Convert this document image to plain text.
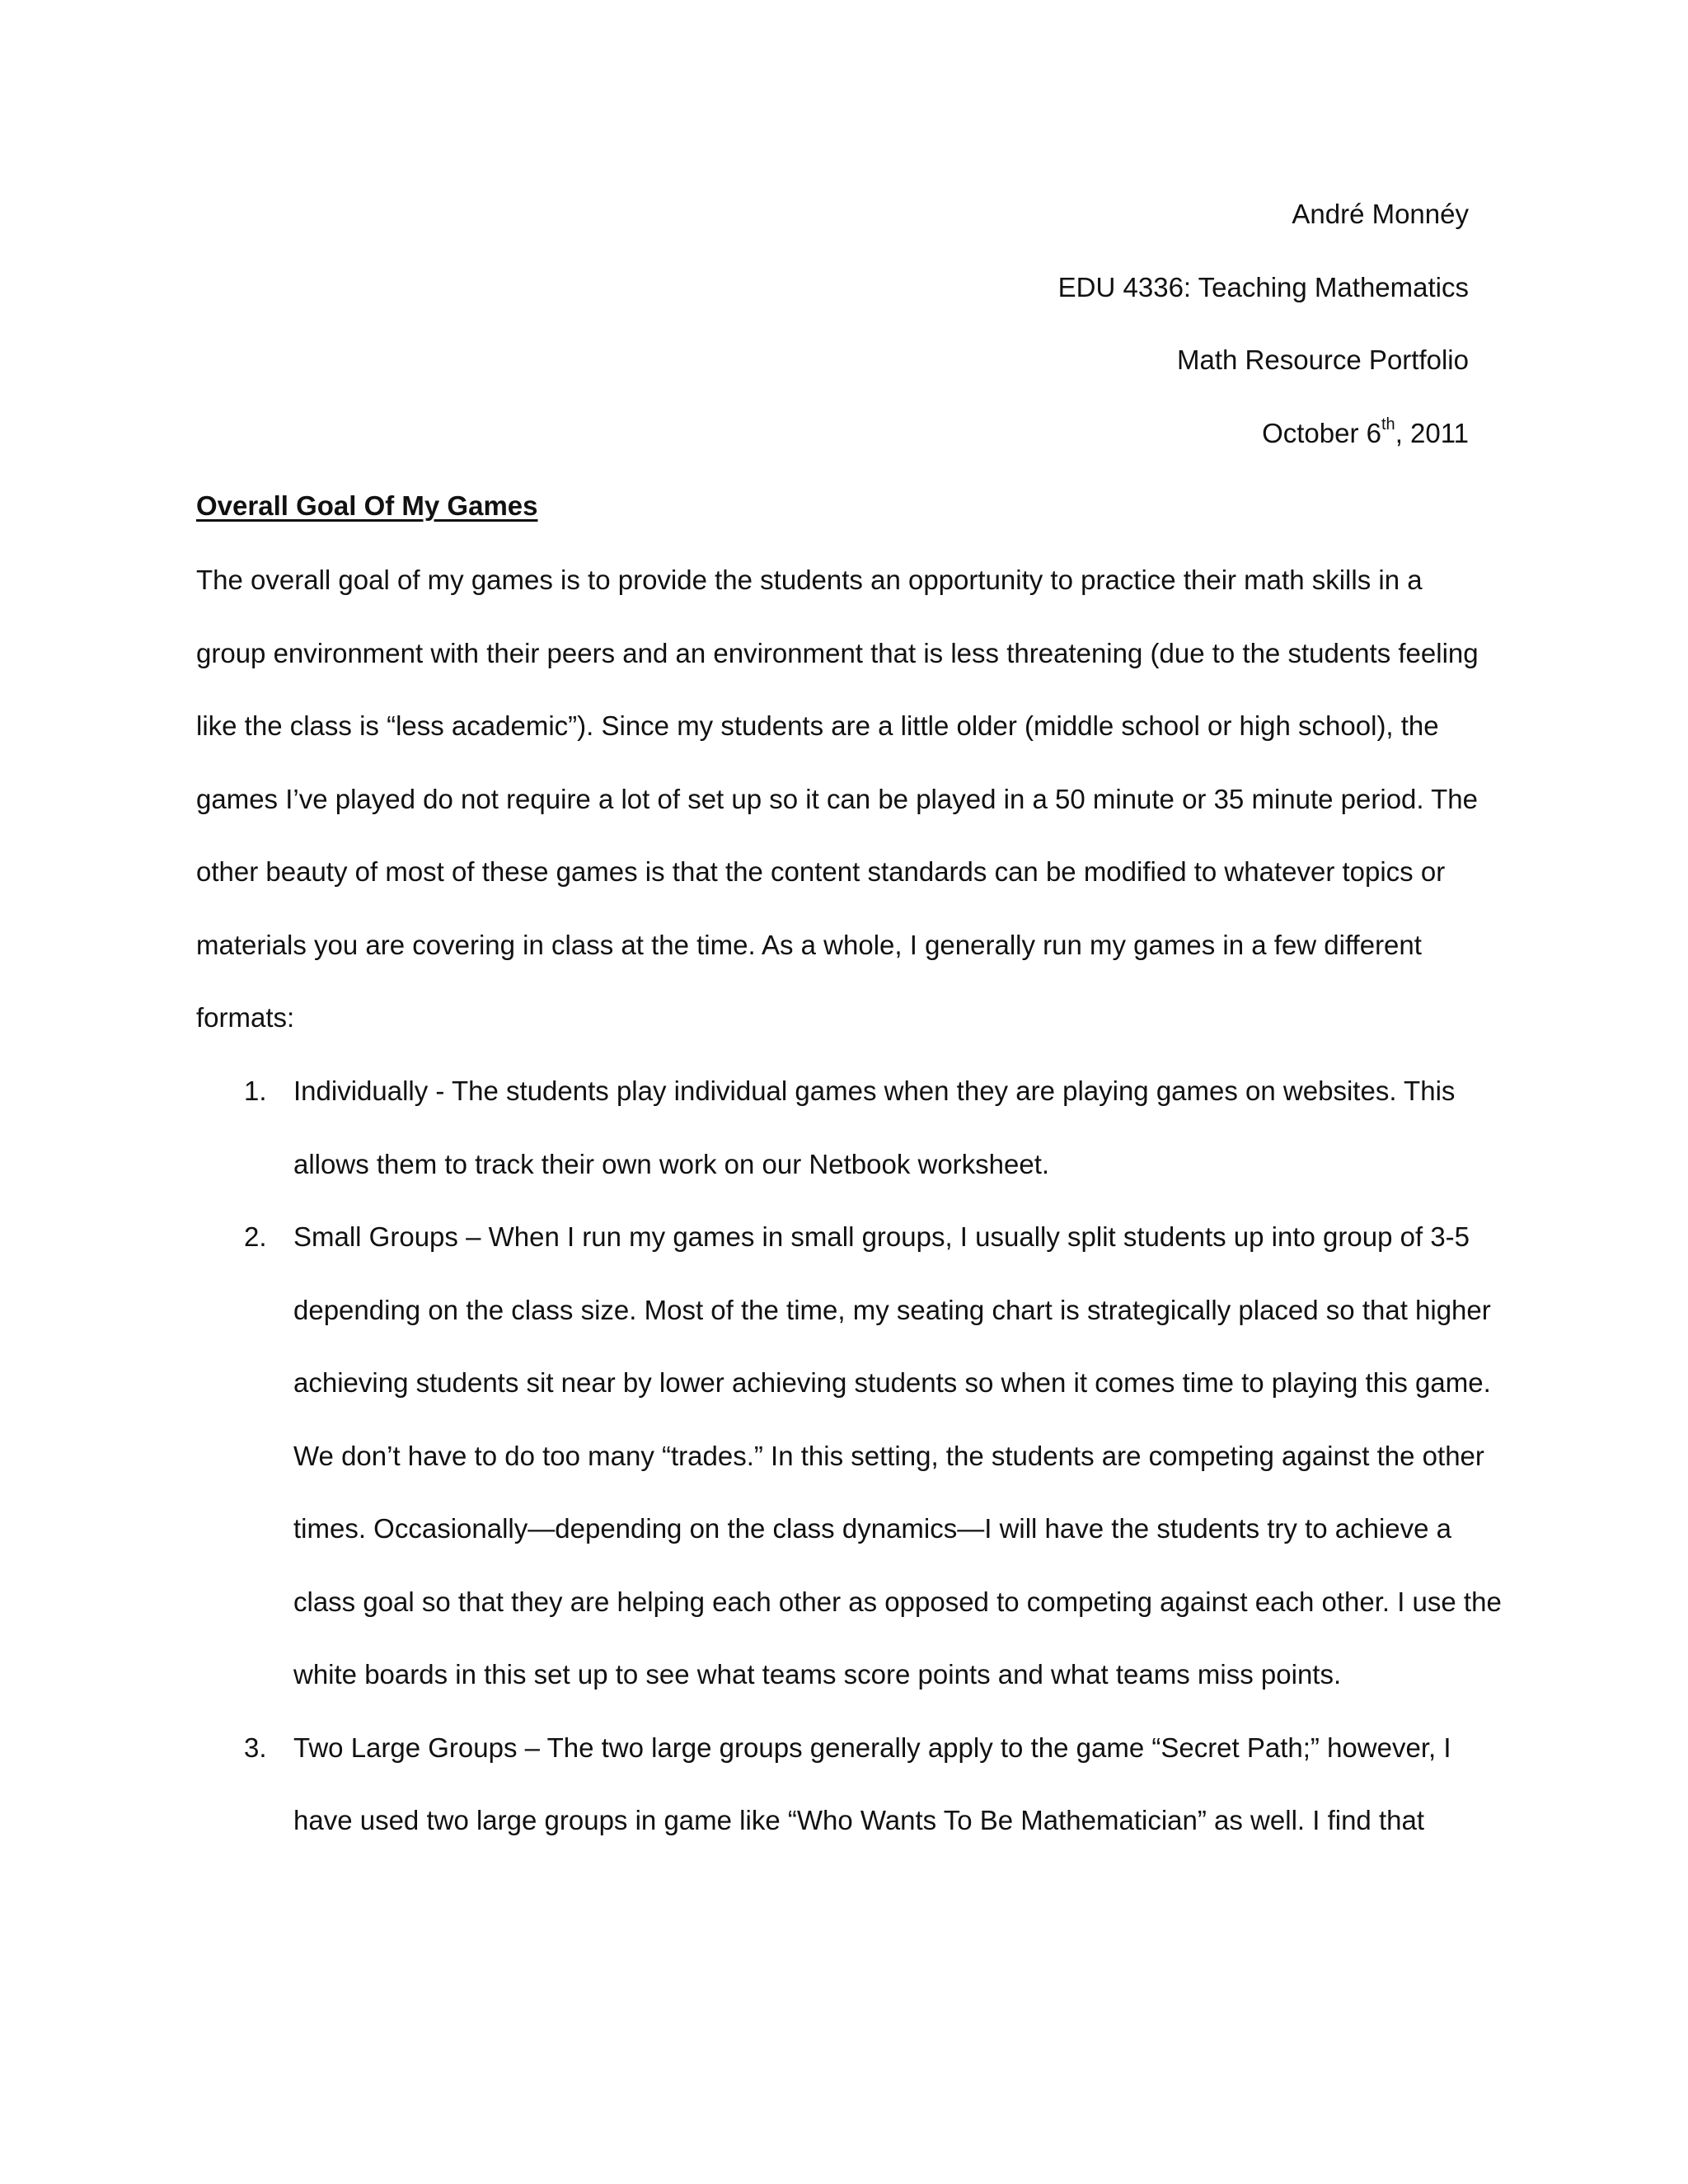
André Monnéy
EDU 4336: Teaching Mathematics
Math Resource Portfolio
October 6th, 2011
Overall Goal Of My Games

The overall goal of my games is to provide the students an opportunity to practice their math skills in a group environment with their peers and an environment that is less threatening (due to the students feeling like the class is “less academic”). Since my students are a little older (middle school or high school), the games I’ve played do not require a lot of set up so it can be played in a 50 minute or 35 minute period. The other beauty of most of these games is that the content standards can be modified to whatever topics or materials you are covering in class at the time. As a whole, I generally run my games in a few different formats:

1. Individually - The students play individual games when they are playing games on websites. This allows them to track their own work on our Netbook worksheet.
2. Small Groups – When I run my games in small groups, I usually split students up into group of 3-5 depending on the class size. Most of the time, my seating chart is strategically placed so that higher achieving students sit near by lower achieving students so when it comes time to playing this game. We don’t have to do too many “trades.” In this setting, the students are competing against the other times. Occasionally—depending on the class dynamics—I will have the students try to achieve a class goal so that they are helping each other as opposed to competing against each other. I use the white boards in this set up to see what teams score points and what teams miss points.
3. Two Large Groups – The two large groups generally apply to the game “Secret Path;” however, I have used two large groups in game like “Who Wants To Be Mathematician” as well. I find that
